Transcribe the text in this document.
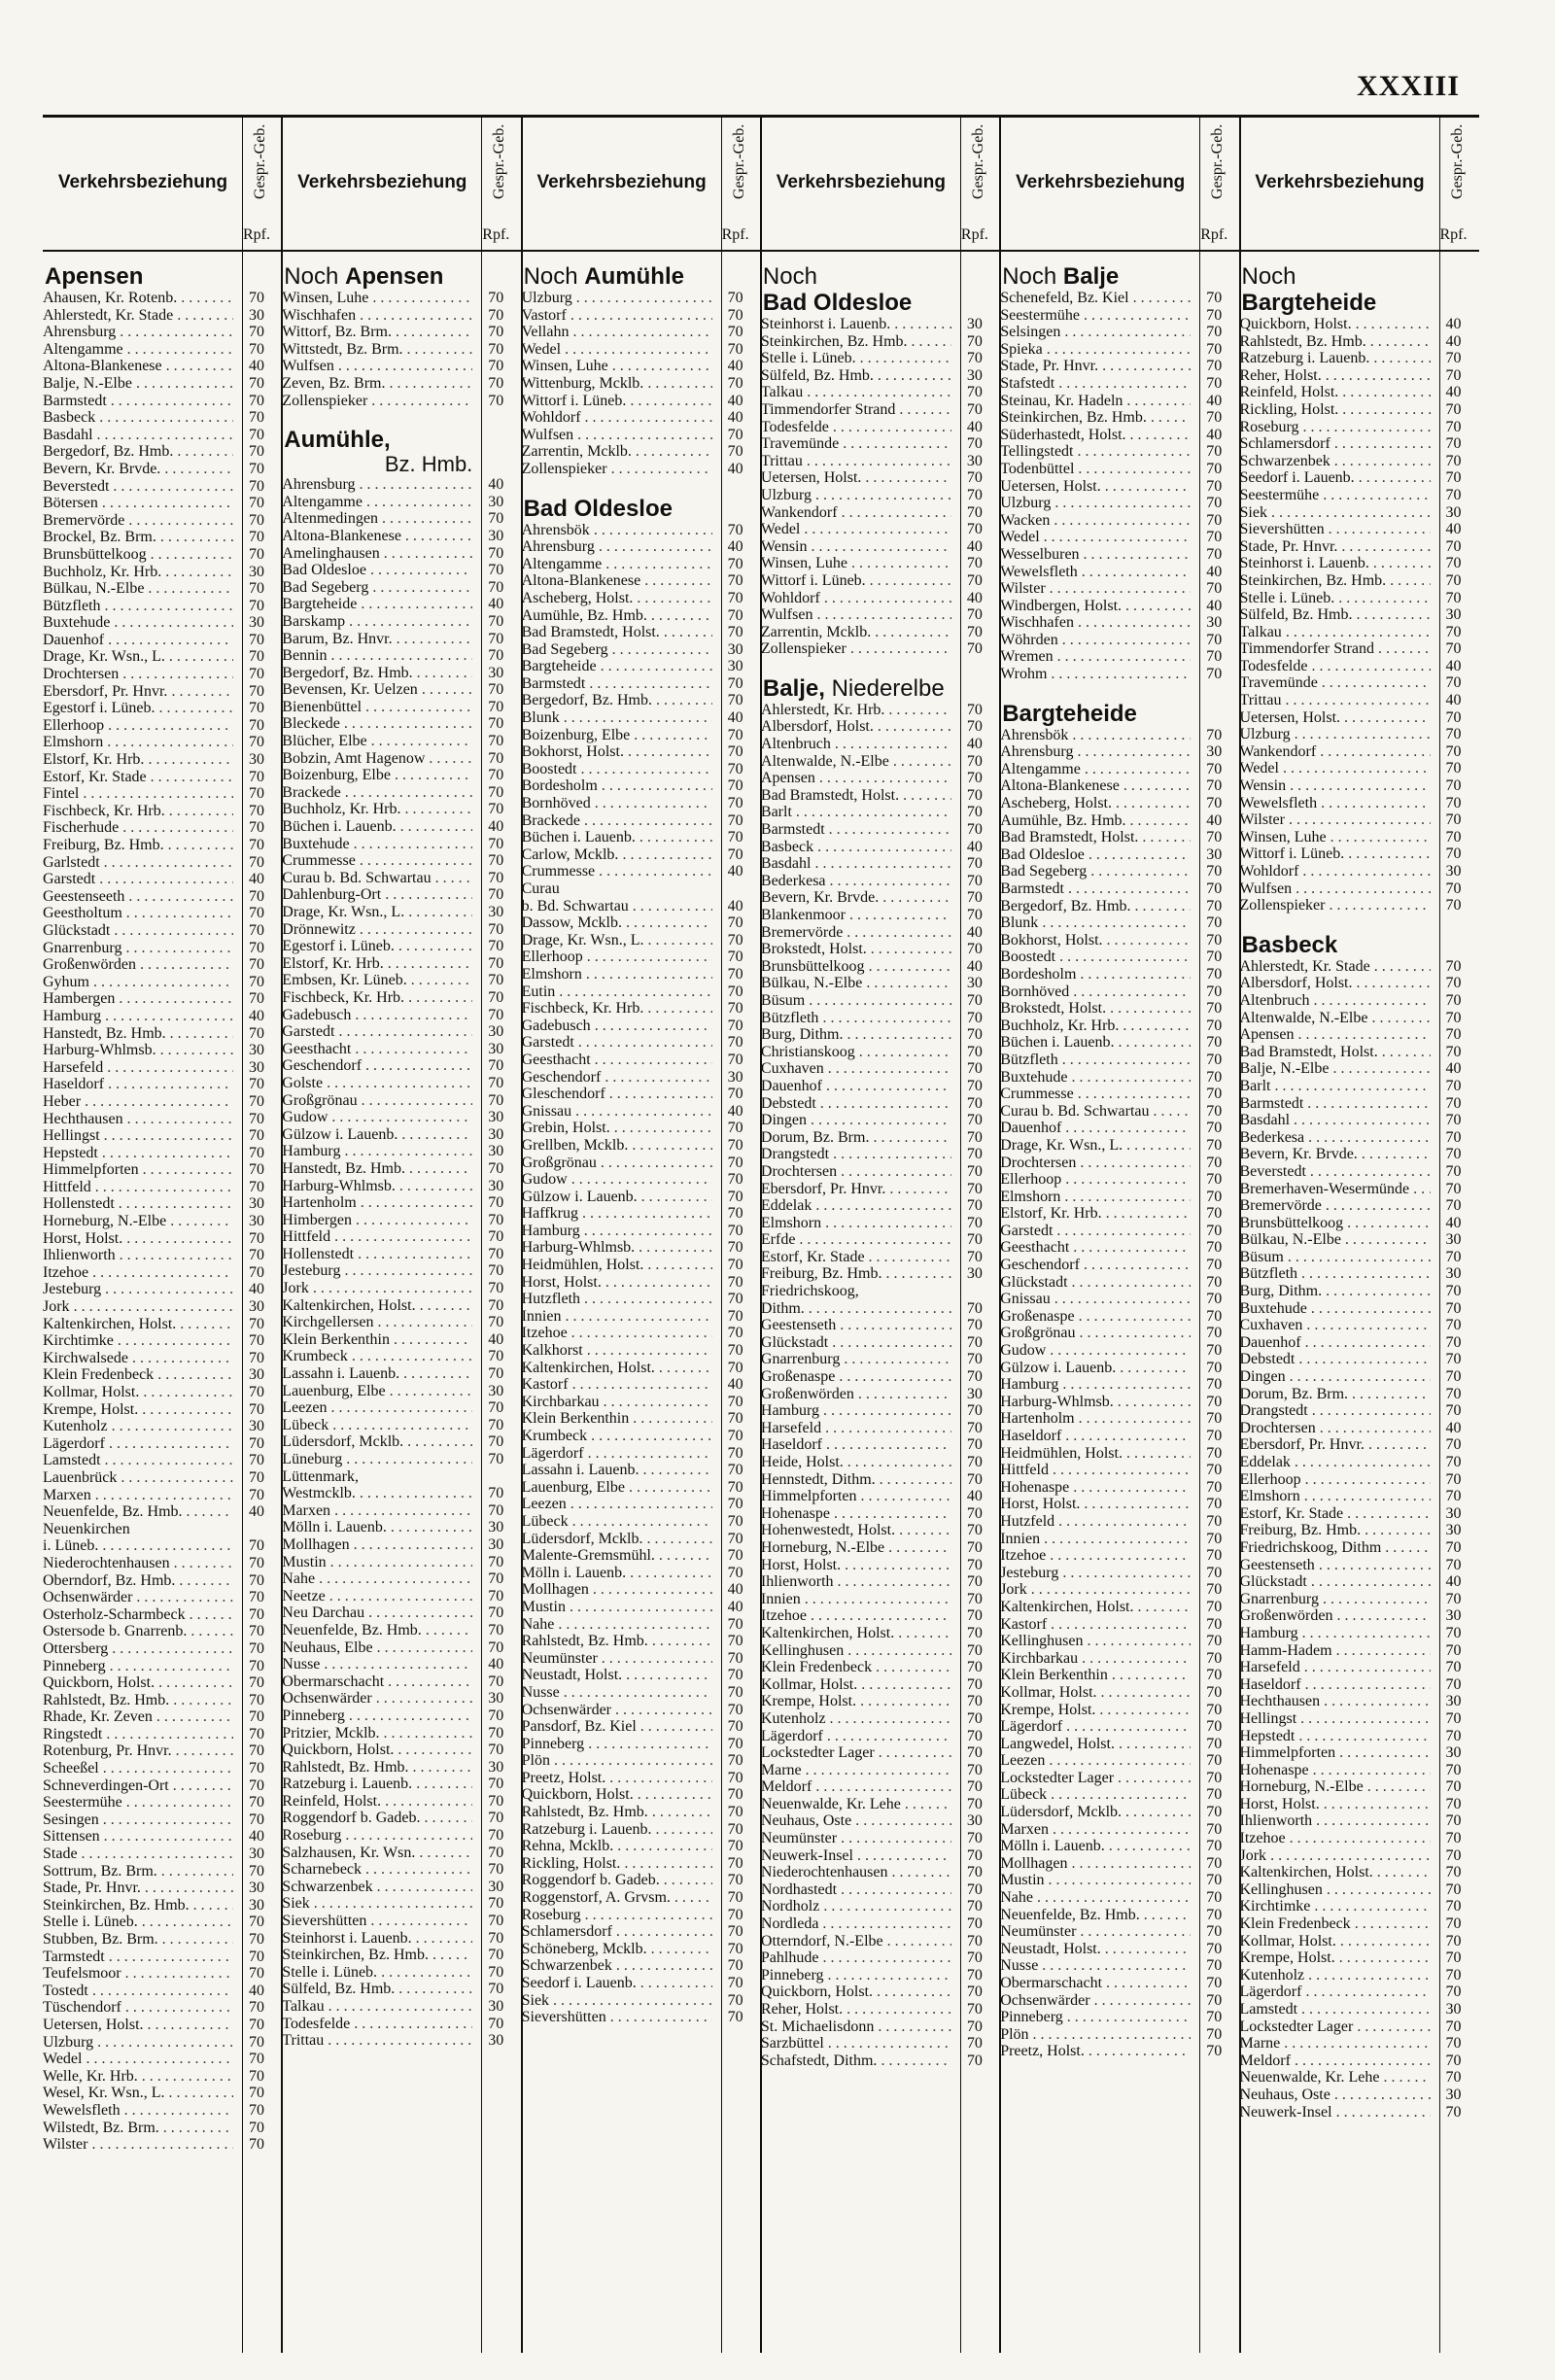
XXXIII
Verkehrsbeziehung	Gespr.-Geb.
Rpf.
Apensen
Ahausen, Kr. Rotenb. . . .	70
Ahlerstedt, Kr. Stade . . .	30
Ahrensburg . . .	70
Altengamme . . .	70
Altona-Blankenese . . .	40
Balje, N.-Elbe . . .	70
Barmstedt . . .	70
Basbeck . . .	70
Basdahl . . .	70
Bergedorf, Bz. Hmb. . . .	70
Bevern, Kr. Brvde. . . .	70
Beverstedt . . .	70
Bötersen . . .	70
Bremervörde . . .	70
Brockel, Bz. Brm. . . .	70
Brunsbüttelkoog . . .	70
Buchholz, Kr. Hrb. . . .	30
Bülkau, N.-Elbe . . .	70
Bützfleth . . .	70
Buxtehude . . .	30
Dauenhof . . .	70
Drage, Kr. Wsn., L. . . .	70
Drochtersen . . .	70
Ebersdorf, Pr. Hnvr. . . .	70
Egestorf i. Lüneb. . . .	70
Ellerhoop . . .	70
Elmshorn . . .	70
Elstorf, Kr. Hrb. . . .	30
Estorf, Kr. Stade . . .	70
Fintel . . .	70
Fischbeck, Kr. Hrb. . . .	70
Fischerhude . . .	70
Freiburg, Bz. Hmb. . . .	70
Garlstedt . . .	70
Garstedt . . .	40
Geestenseeth . . .	70
Geestholtum . . .	70
Glückstadt . . .	70
Gnarrenburg . . .	70
Großenwörden . . .	70
Gyhum . . .	70
Hambergen . . .	70
Hamburg . . .	40
Hanstedt, Bz. Hmb. . . .	70
Harburg-Whlmsb. . . .	30
Harsefeld . . .	30
Haseldorf . . .	70
Heber . . .	70
Hechthausen . . .	70
Hellingst . . .	70
Hepstedt . . .	70
Himmelpforten . . .	70
Hittfeld . . .	70
Hollenstedt . . .	30
Horneburg, N.-Elbe . . .	30
Horst, Holst. . . .	70
Ihlienworth . . .	70
Itzehoe . . .	70
Jesteburg . . .	40
Jork . . .	30
Kaltenkirchen, Holst. . . .	70
Kirchtimke . . .	70
Kirchwalsede . . .	70
Klein Fredenbeck . . .	30
Kollmar, Holst. . . .	70
Krempe, Holst. . . .	70
Kutenholz . . .	30
Lägerdorf . . .	70
Lamstedt . . .	70
Lauenbrück . . .	70
Marxen . . .	70
Neuenfelde, Bz. Hmb. . . .	40
Neuenkirchen
i. Lüneb. . . .	70
Niederochtenhausen . . .	70
Oberndorf, Bz. Hmb. . . .	70
Ochsenwärder . . .	70
Osterholz-Scharmbeck . . .	70
Ostersode b. Gnarrenb. . . .	70
Ottersberg . . .	70
Pinneberg . . .	70
Quickborn, Holst. . . .	70
Rahlstedt, Bz. Hmb. . . .	70
Rhade, Kr. Zeven . . .	70
Ringstedt . . .	70
Rotenburg, Pr. Hnvr. . . .	70
Scheeßel . . .	70
Schneverdingen-Ort . . .	70
Seestermühe . . .	70
Sesingen . . .	70
Sittensen . . .	40
Stade . . .	30
Sottrum, Bz. Brm. . . .	70
Stade, Pr. Hnvr. . . .	30
Steinkirchen, Bz. Hmb. . . .	30
Stelle i. Lüneb. . . .	70
Stubben, Bz. Brm. . . .	70
Tarmstedt . . .	70
Teufelsmoor . . .	70
Tostedt . . .	40
Tüschendorf . . .	70
Uetersen, Holst. . . .	70
Ulzburg . . .	70
Wedel . . .	70
Welle, Kr. Hrb. . . .	70
Wesel, Kr. Wsn., L. . . .	70
Wewelsfleth . . .	70
Wilstedt, Bz. Brm. . . .	70
Wilster . . .	70
Verkehrsbeziehung	Gespr.-Geb.
Rpf.
Noch Apensen
Winsen, Luhe . . .	70
Wischhafen . . .	70
Wittorf, Bz. Brm. . . .	70
Wittstedt, Bz. Brm. . . .	70
Wulfsen . . .	70
Zeven, Bz. Brm. . . .	70
Zollenspieker . . .	70
Aumühle,
Bz. Hmb.
Ahrensburg . . .	40
Altengamme . . .	30
Altenmedingen . . .	70
Altona-Blankenese . . .	30
Amelinghausen . . .	70
Bad Oldesloe . . .	70
Bad Segeberg . . .	70
Bargteheide . . .	40
Barskamp . . .	70
Barum, Bz. Hnvr. . . .	70
Bennin . . .	70
Bergedorf, Bz. Hmb. . . .	30
Bevensen, Kr. Uelzen . . .	70
Bienenbüttel . . .	70
Bleckede . . .	70
Blücher, Elbe . . .	70
Bobzin, Amt Hagenow . . .	70
Boizenburg, Elbe . . .	70
Brackede . . .	70
Buchholz, Kr. Hrb. . . .	70
Büchen i. Lauenb. . . .	40
Buxtehude . . .	70
Crummesse . . .	70
Curau b. Bd. Schwartau . . .	70
Dahlenburg-Ort . . .	70
Drage, Kr. Wsn., L. . . .	30
Drönnewitz . . .	70
Egestorf i. Lüneb. . . .	70
Elstorf, Kr. Hrb. . . .	70
Embsen, Kr. Lüneb. . . .	70
Fischbeck, Kr. Hrb. . . .	70
Gadebusch . . .	70
Garstedt . . .	30
Geesthacht . . .	30
Geschendorf . . .	70
Golste . . .	70
Großgrönau . . .	70
Gudow . . .	30
Gülzow i. Lauenb. . . .	30
Hamburg . . .	30
Hanstedt, Bz. Hmb. . . .	70
Harburg-Whlmsb. . . .	30
Hartenholm . . .	70
Himbergen . . .	70
Hittfeld . . .	70
Hollenstedt . . .	70
Jesteburg . . .	70
Jork . . .	70
Kaltenkirchen, Holst. . . .	70
Kirchgellersen . . .	70
Klein Berkenthin . . .	40
Krumbeck . . .	70
Lassahn i. Lauenb. . . .	70
Lauenburg, Elbe . . .	30
Leezen . . .	70
Lübeck . . .	70
Lüdersdorf, Mcklb. . . .	70
Lüneburg . . .	70
Lüttenmark,
Westmcklb. . . .	70
Marxen . . .	70
Mölln i. Lauenb. . . .	30
Mollhagen . . .	30
Mustin . . .	70
Nahe . . .	70
Neetze . . .	70
Neu Darchau . . .	70
Neuenfelde, Bz. Hmb. . . .	70
Neuhaus, Elbe . . .	70
Nusse . . .	40
Obermarschacht . . .	70
Ochsenwärder . . .	30
Pinneberg . . .	70
Pritzier, Mcklb. . . .	70
Quickborn, Holst. . . .	70
Rahlstedt, Bz. Hmb. . . .	30
Ratzeburg i. Lauenb. . . .	70
Reinfeld, Holst. . . .	70
Roggendorf b. Gadeb. . . .	70
Roseburg . . .	70
Salzhausen, Kr. Wsn. . . .	70
Scharnebeck . . .	70
Schwarzenbek . . .	30
Siek . . .	70
Sievershütten . . .	70
Steinhorst i. Lauenb. . . .	70
Steinkirchen, Bz. Hmb. . . .	70
Stelle i. Lüneb. . . .	70
Sülfeld, Bz. Hmb. . . .	70
Talkau . . .	30
Todesfelde . . .	70
Trittau . . .	30
Verkehrsbeziehung	Gespr.-Geb.
Rpf.
Noch Aumühle
Ulzburg . . .	70
Vastorf . . .	70
Vellahn . . .	70
Wedel . . .	70
Winsen, Luhe . . .	40
Wittenburg, Mcklb. . . .	70
Wittorf i. Lüneb. . . .	40
Wohldorf . . .	40
Wulfsen . . .	70
Zarrentin, Mcklb. . . .	70
Zollenspieker . . .	40
Bad Oldesloe
Ahrensbök . . .	70
Ahrensburg . . .	40
Altengamme . . .	70
Altona-Blankenese . . .	70
Ascheberg, Holst. . . .	70
Aumühle, Bz. Hmb. . . .	70
Bad Bramstedt, Holst. . . .	70
Bad Segeberg . . .	30
Bargteheide . . .	30
Barmstedt . . .	70
Bergedorf, Bz. Hmb. . . .	70
Blunk . . .	40
Boizenburg, Elbe . . .	70
Bokhorst, Holst. . . .	70
Boostedt . . .	70
Bordesholm . . .	70
Bornhöved . . .	70
Brackede . . .	70
Büchen i. Lauenb. . . .	70
Carlow, Mcklb. . . .	70
Crummesse . . .	40
Curau
b. Bd. Schwartau . . .	40
Dassow, Mcklb. . . .	70
Drage, Kr. Wsn., L. . . .	70
Ellerhoop . . .	70
Elmshorn . . .	70
Eutin . . .	70
Fischbeck, Kr. Hrb. . . .	70
Gadebusch . . .	70
Garstedt . . .	70
Geesthacht . . .	70
Geschendorf . . .	30
Gleschendorf . . .	70
Gnissau . . .	40
Grebin, Holst. . . .	70
Grellben, Mcklb. . . .	70
Großgrönau . . .	70
Gudow . . .	70
Gülzow i. Lauenb. . . .	70
Haffkrug . . .	70
Hamburg . . .	70
Harburg-Whlmsb. . . .	70
Heidmühlen, Holst. . . .	70
Horst, Holst. . . .	70
Hutzfleth . . .	70
Innien . . .	70
Itzehoe . . .	70
Kalkhorst . . .	70
Kaltenkirchen, Holst. . . .	70
Kastorf . . .	40
Kirchbarkau . . .	70
Klein Berkenthin . . .	70
Krumbeck . . .	70
Lägerdorf . . .	70
Lassahn i. Lauenb. . . .	70
Lauenburg, Elbe . . .	70
Leezen . . .	70
Lübeck . . .	70
Lüdersdorf, Mcklb. . . .	70
Malente-Gremsmühl. . . .	70
Mölln i. Lauenb. . . .	70
Mollhagen . . .	40
Mustin . . .	40
Nahe . . .	70
Rahlstedt, Bz. Hmb. . . .	70
Neumünster . . .	70
Neustadt, Holst. . . .	70
Nusse . . .	70
Ochsenwärder . . .	70
Pansdorf, Bz. Kiel . . .	70
Pinneberg . . .	70
Plön . . .	70
Preetz, Holst. . . .	70
Quickborn, Holst. . . .	70
Rahlstedt, Bz. Hmb. . . .	70
Ratzeburg i. Lauenb. . . .	70
Rehna, Mcklb. . . .	70
Rickling, Holst. . . .	70
Roggendorf b. Gadeb. . . .	70
Roggenstorf, A. Grvsm. . . .	70
Roseburg . . .	70
Schlamersdorf . . .	70
Schöneberg, Mcklb. . . .	70
Schwarzenbek . . .	70
Seedorf i. Lauenb. . . .	70
Siek . . .	70
Sievershütten . . .	70
Verkehrsbeziehung	Gespr.-Geb.
Rpf.
Noch
Bad Oldesloe
Steinhorst i. Lauenb. . . .	30
Steinkirchen, Bz. Hmb. . . .	70
Stelle i. Lüneb. . . .	70
Sülfeld, Bz. Hmb. . . .	30
Talkau . . .	70
Timmendorfer Strand . . .	70
Todesfelde . . .	40
Travemünde . . .	70
Trittau . . .	30
Uetersen, Holst. . . .	70
Ulzburg . . .	70
Wankendorf . . .	70
Wedel . . .	70
Wensin . . .	40
Winsen, Luhe . . .	70
Wittorf i. Lüneb. . . .	70
Wohldorf . . .	40
Wulfsen . . .	70
Zarrentin, Mcklb. . . .	70
Zollenspieker . . .	70
Balje, Niederelbe
Ahlerstedt, Kr. Hrb. . . .	70
Albersdorf, Holst. . . .	70
Altenbruch . . .	40
Altenwalde, N.-Elbe . . .	70
Apensen . . .	70
Bad Bramstedt, Holst. . . .	70
Barlt . . .	70
Barmstedt . . .	70
Basbeck . . .	40
Basdahl . . .	70
Bederkesa . . .	70
Bevern, Kr. Brvde. . . .	70
Blankenmoor . . .	70
Bremervörde . . .	40
Brokstedt, Holst. . . .	70
Brunsbüttelkoog . . .	40
Bülkau, N.-Elbe . . .	30
Büsum . . .	70
Bützfleth . . .	70
Burg, Dithm. . . .	70
Christianskoog . . .	70
Cuxhaven . . .	70
Dauenhof . . .	70
Debstedt . . .	70
Dingen . . .	70
Dorum, Bz. Brm. . . .	70
Drangstedt . . .	70
Drochtersen . . .	70
Ebersdorf, Pr. Hnvr. . . .	70
Eddelak . . .	70
Elmshorn . . .	70
Erfde . . .	70
Estorf, Kr. Stade . . .	70
Freiburg, Bz. Hmb. . . .	30
Friedrichskoog,
Dithm. . . .	70
Geestenseth . . .	70
Glückstadt . . .	70
Gnarrenburg . . .	70
Großenaspe . . .	70
Großenwörden . . .	30
Hamburg . . .	70
Harsefeld . . .	70
Haseldorf . . .	70
Heide, Holst. . . .	70
Hennstedt, Dithm. . . .	70
Himmelpforten . . .	40
Hohenaspe . . .	70
Hohenwestedt, Holst. . . .	70
Horneburg, N.-Elbe . . .	70
Horst, Holst. . . .	70
Ihlienworth . . .	70
Innien . . .	70
Itzehoe . . .	70
Kaltenkirchen, Holst. . . .	70
Kellinghusen . . .	70
Klein Fredenbeck . . .	70
Kollmar, Holst. . . .	70
Krempe, Holst. . . .	70
Kutenholz . . .	70
Lägerdorf . . .	70
Lockstedter Lager . . .	70
Marne . . .	70
Meldorf . . .	70
Neuenwalde, Kr. Lehe . . .	70
Neuhaus, Oste . . .	30
Neumünster . . .	70
Neuwerk-Insel . . .	70
Niederochtenhausen . . .	70
Nordhastedt . . .	70
Nordholz . . .	70
Nordleda . . .	70
Otterndorf, N.-Elbe . . .	70
Pahlhude . . .	70
Pinneberg . . .	70
Quickborn, Holst. . . .	70
Reher, Holst. . . .	70
St. Michaelisdonn . . .	70
Sarzbüttel . . .	70
Schafstedt, Dithm. . . .	70
Verkehrsbeziehung	Gespr.-Geb.
Rpf.
Noch Balje
Schenefeld, Bz. Kiel . . .	70
Seestermühe . . .	70
Selsingen . . .	70
Spieka . . .	70
Stade, Pr. Hnvr. . . .	70
Stafstedt . . .	70
Steinau, Kr. Hadeln . . .	40
Steinkirchen, Bz. Hmb. . . .	70
Süderhastedt, Holst. . . .	40
Tellingstedt . . .	70
Todenbüttel . . .	70
Uetersen, Holst. . . .	70
Ulzburg . . .	70
Wacken . . .	70
Wedel . . .	70
Wesselburen . . .	70
Wewelsfleth . . .	40
Wilster . . .	70
Windbergen, Holst. . . .	40
Wischhafen . . .	30
Wöhrden . . .	70
Wremen . . .	70
Wrohm . . .	70
Bargteheide
Ahrensbök . . .	70
Ahrensburg . . .	30
Altengamme . . .	70
Altona-Blankenese . . .	70
Ascheberg, Holst. . . .	70
Aumühle, Bz. Hmb. . . .	40
Bad Bramstedt, Holst. . . .	70
Bad Oldesloe . . .	30
Bad Segeberg . . .	70
Barmstedt . . .	70
Bergedorf, Bz. Hmb. . . .	70
Blunk . . .	70
Bokhorst, Holst. . . .	70
Boostedt . . .	70
Bordesholm . . .	70
Bornhöved . . .	70
Brokstedt, Holst. . . .	70
Buchholz, Kr. Hrb. . . .	70
Büchen i. Lauenb. . . .	70
Bützfleth . . .	70
Buxtehude . . .	70
Crummesse . . .	70
Curau b. Bd. Schwartau . . .	70
Dauenhof . . .	70
Drage, Kr. Wsn., L. . . .	70
Drochtersen . . .	70
Ellerhoop . . .	70
Elmshorn . . .	70
Elstorf, Kr. Hrb. . . .	70
Garstedt . . .	70
Geesthacht . . .	70
Geschendorf . . .	70
Glückstadt . . .	70
Gnissau . . .	70
Großenaspe . . .	70
Großgrönau . . .	70
Gudow . . .	70
Gülzow i. Lauenb. . . .	70
Hamburg . . .	70
Harburg-Whlmsb. . . .	70
Hartenholm . . .	70
Haseldorf . . .	70
Heidmühlen, Holst. . . .	70
Hittfeld . . .	70
Hohenaspe . . .	70
Horst, Holst. . . .	70
Hutzfeld . . .	70
Innien . . .	70
Itzehoe . . .	70
Jesteburg . . .	70
Jork . . .	70
Kaltenkirchen, Holst. . . .	70
Kastorf . . .	70
Kellinghusen . . .	70
Kirchbarkau . . .	70
Klein Berkenthin . . .	70
Kollmar, Holst. . . .	70
Krempe, Holst. . . .	70
Lägerdorf . . .	70
Langwedel, Holst. . . .	70
Leezen . . .	70
Lockstedter Lager . . .	70
Lübeck . . .	70
Lüdersdorf, Mcklb. . . .	70
Marxen . . .	70
Mölln i. Lauenb. . . .	70
Mollhagen . . .	70
Mustin . . .	70
Nahe . . .	70
Neuenfelde, Bz. Hmb. . . .	70
Neumünster . . .	70
Neustadt, Holst. . . .	70
Nusse . . .	70
Obermarschacht . . .	70
Ochsenwärder . . .	70
Pinneberg . . .	70
Plön . . .	70
Preetz, Holst. . . .	70
Verkehrsbeziehung	Gespr.-Geb.
Rpf.
Noch
Bargteheide
Quickborn, Holst. . . .	40
Rahlstedt, Bz. Hmb. . . .	40
Ratzeburg i. Lauenb. . . .	70
Reher, Holst. . . .	70
Reinfeld, Holst. . . .	40
Rickling, Holst. . . .	70
Roseburg . . .	70
Schlamersdorf . . .	70
Schwarzenbek . . .	70
Seedorf i. Lauenb. . . .	70
Seestermühe . . .	70
Siek . . .	30
Sievershütten . . .	40
Stade, Pr. Hnvr. . . .	70
Steinhorst i. Lauenb. . . .	70
Steinkirchen, Bz. Hmb. . . .	70
Stelle i. Lüneb. . . .	70
Sülfeld, Bz. Hmb. . . .	30
Talkau . . .	70
Timmendorfer Strand . . .	70
Todesfelde . . .	40
Travemünde . . .	70
Trittau . . .	40
Uetersen, Holst. . . .	70
Ulzburg . . .	70
Wankendorf . . .	70
Wedel . . .	70
Wensin . . .	70
Wewelsfleth . . .	70
Wilster . . .	70
Winsen, Luhe . . .	70
Wittorf i. Lüneb. . . .	70
Wohldorf . . .	30
Wulfsen . . .	70
Zollenspieker . . .	70
Basbeck
Ahlerstedt, Kr. Stade . . .	70
Albersdorf, Holst. . . .	70
Altenbruch . . .	70
Altenwalde, N.-Elbe . . .	70
Apensen . . .	70
Bad Bramstedt, Holst. . . .	70
Balje, N.-Elbe . . .	40
Barlt . . .	70
Barmstedt . . .	70
Basdahl . . .	70
Bederkesa . . .	70
Bevern, Kr. Brvde. . . .	70
Beverstedt . . .	70
Bremerhaven-Wesermünde . . .	70
Bremervörde . . .	70
Brunsbüttelkoog . . .	40
Bülkau, N.-Elbe . . .	30
Büsum . . .	70
Bützfleth . . .	30
Burg, Dithm. . . .	70
Buxtehude . . .	70
Cuxhaven . . .	70
Dauenhof . . .	70
Debstedt . . .	70
Dingen . . .	70
Dorum, Bz. Brm. . . .	70
Drangstedt . . .	70
Drochtersen . . .	40
Ebersdorf, Pr. Hnvr. . . .	70
Eddelak . . .	70
Ellerhoop . . .	70
Elmshorn . . .	70
Estorf, Kr. Stade . . .	30
Freiburg, Bz. Hmb. . . .	30
Friedrichskoog, Dithm . . .	70
Geestenseth . . .	70
Glückstadt . . .	40
Gnarrenburg . . .	70
Großenwörden . . .	30
Hamburg . . .	70
Hamm-Hadem . . .	70
Harsefeld . . .	70
Haseldorf . . .	70
Hechthausen . . .	30
Hellingst . . .	70
Hepstedt . . .	70
Himmelpforten . . .	30
Hohenaspe . . .	70
Horneburg, N.-Elbe . . .	70
Horst, Holst. . . .	70
Ihlienworth . . .	70
Itzehoe . . .	70
Jork . . .	70
Kaltenkirchen, Holst. . . .	70
Kellinghusen . . .	70
Kirchtimke . . .	70
Klein Fredenbeck . . .	70
Kollmar, Holst. . . .	70
Krempe, Holst. . . .	70
Kutenholz . . .	70
Lägerdorf . . .	70
Lamstedt . . .	30
Lockstedter Lager . . .	70
Marne . . .	70
Meldorf . . .	70
Neuenwalde, Kr. Lehe . . .	70
Neuhaus, Oste . . .	30
Neuwerk-Insel . . .	70
